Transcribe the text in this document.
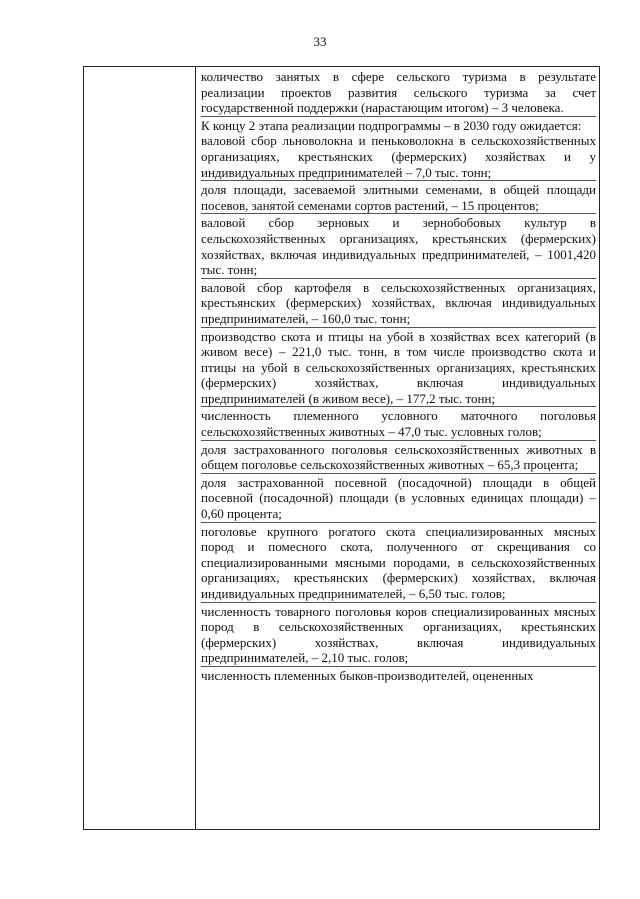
33
количество занятых в сфере сельского туризма в результате реализации проектов развития сельского туризма за счет государственной поддержки (нарастающим итогом) – 3 человека.
К концу 2 этапа реализации подпрограммы – в 2030 году ожидается:
валовой сбор льноволокна и пеньковолокна в сельскохозяйственных организациях, крестьянских (фермерских) хозяйствах и у индивидуальных предпринимателей – 7,0 тыс. тонн;
доля площади, засеваемой элитными семенами, в общей площади посевов, занятой семенами сортов растений, – 15 процентов;
валовой сбор зерновых и зернобобовых культур в сельскохозяйственных организациях, крестьянских (фермерских) хозяйствах, включая индивидуальных предпринимателей, – 1001,420 тыс. тонн;
валовой сбор картофеля в сельскохозяйственных организациях, крестьянских (фермерских) хозяйствах, включая индивидуальных предпринимателей, – 160,0 тыс. тонн;
производство скота и птицы на убой в хозяйствах всех категорий (в живом весе) – 221,0 тыс. тонн, в том числе производство скота и птицы на убой в сельскохозяйственных организациях, крестьянских (фермерских) хозяйствах, включая индивидуальных предпринимателей (в живом весе), – 177,2 тыс. тонн;
численность племенного условного маточного поголовья сельскохозяйственных животных – 47,0 тыс. условных голов;
доля застрахованного поголовья сельскохозяйственных животных в общем поголовье сельскохозяйственных животных – 65,3 процента;
доля застрахованной посевной (посадочной) площади в общей посевной (посадочной) площади (в условных единицах площади) – 0,60 процента;
поголовье крупного рогатого скота специализированных мясных пород и помесного скота, полученного от скрещивания со специализированными мясными породами, в сельскохозяйственных организациях, крестьянских (фермерских) хозяйствах, включая индивидуальных предпринимателей, – 6,50 тыс. голов;
численность товарного поголовья коров специализированных мясных пород в сельскохозяйственных организациях, крестьянских (фермерских) хозяйствах, включая индивидуальных предпринимателей, – 2,10 тыс. голов;
численность племенных быков-производителей, оцененных
